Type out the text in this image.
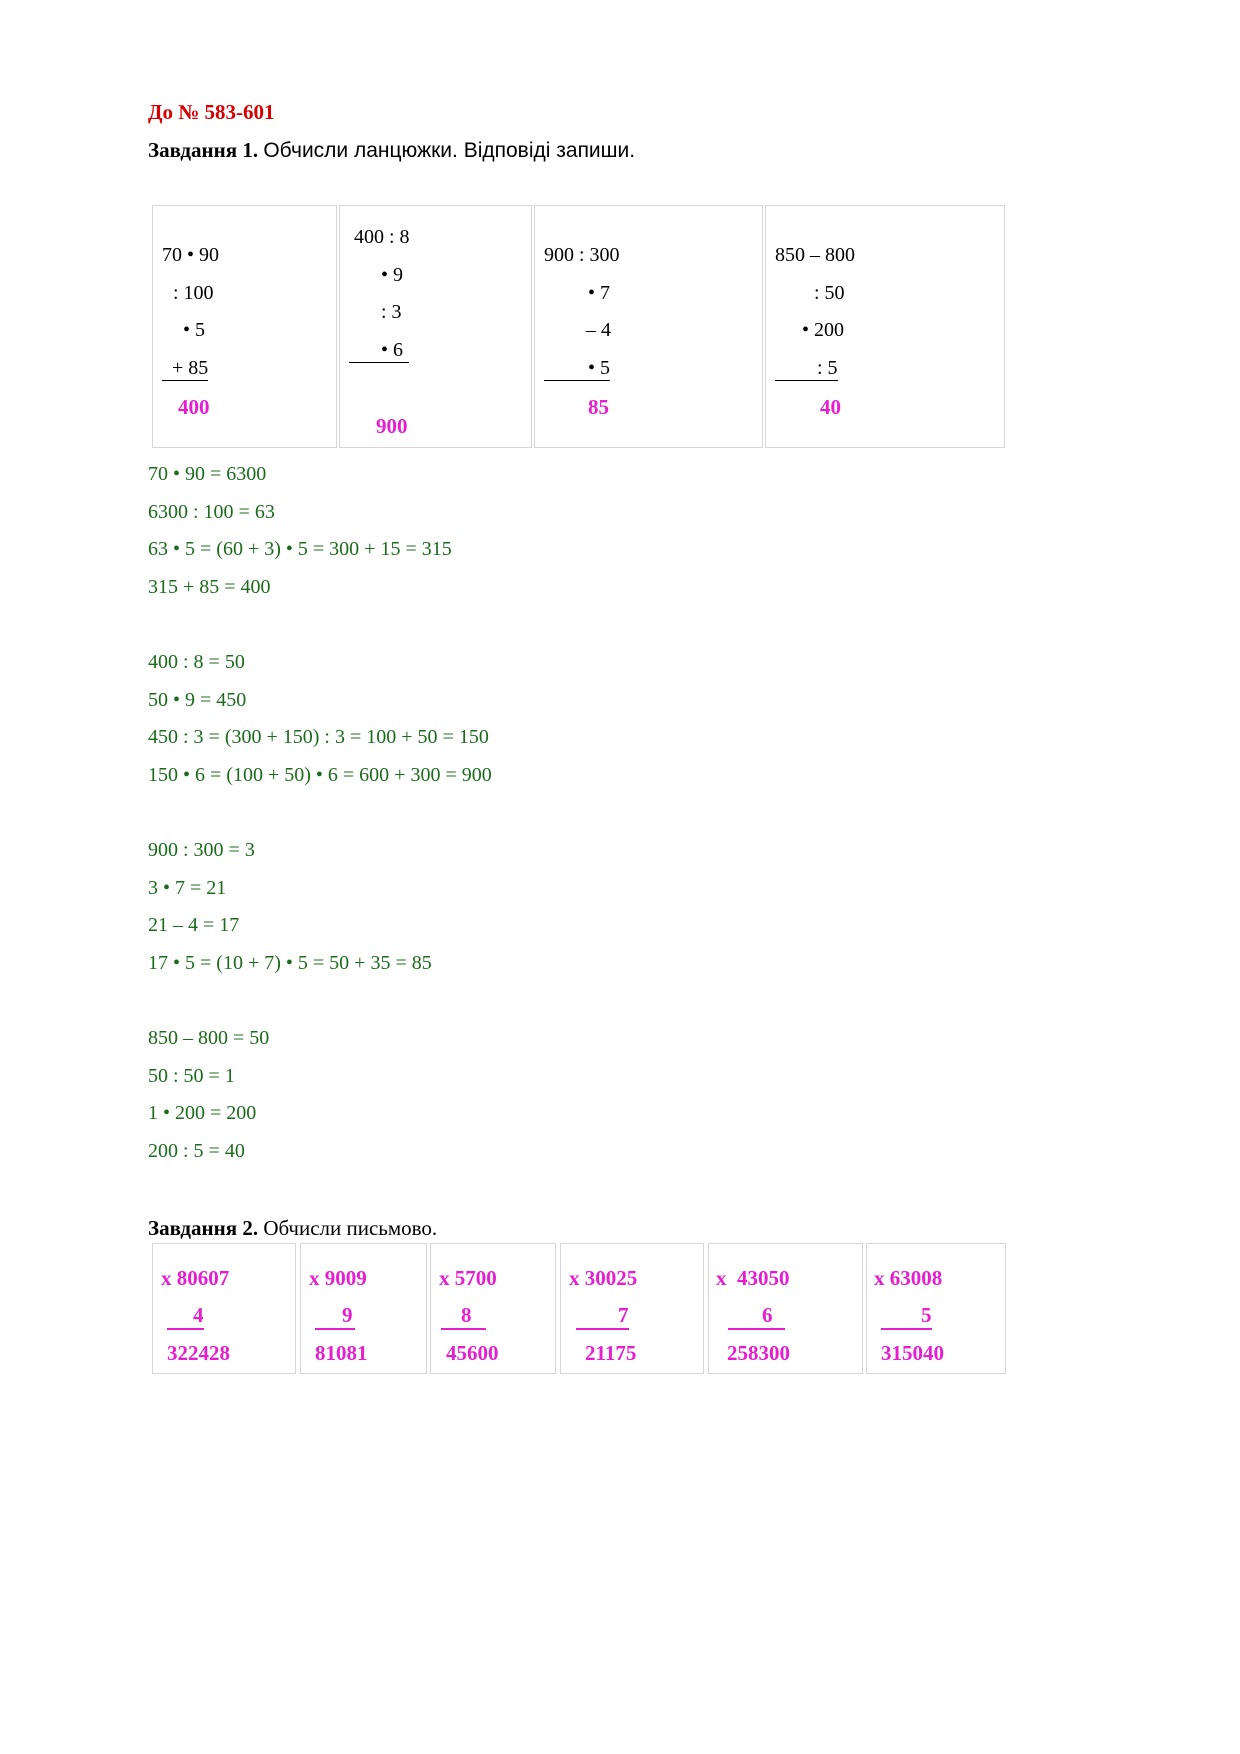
До № 583-601
Завдання 1. Обчисли ланцюжки. Відповіді запиши.
70 • 90
: 100
• 5
+ 85
400
400 : 8
• 9
: 3
• 6
900
900 : 300
• 7
– 4
• 5
85
850 – 800
: 50
• 200
: 5
40
70 • 90 = 6300
6300 : 100 = 63
63 • 5 = (60 + 3) • 5 = 300 + 15 = 315
315 + 85 = 400
400 : 8 = 50
50 • 9 = 450
450 : 3 = (300 + 150) : 3 = 100 + 50 = 150
150 • 6 = (100 + 50) • 6 = 600 + 300 = 900
900 : 300 = 3
3 • 7 = 21
21 – 4 = 17
17 • 5 = (10 + 7) • 5 = 50 + 35 = 85
850 – 800 = 50
50 : 50 = 1
1 • 200 = 200
200 : 5 = 40
Завдання 2. Обчисли письмово.
x 80607
4
322428
x 9009
9
81081
x 5700
8
45600
x 30025
7
21175
x  43050
6
258300
x 63008
5
315040
